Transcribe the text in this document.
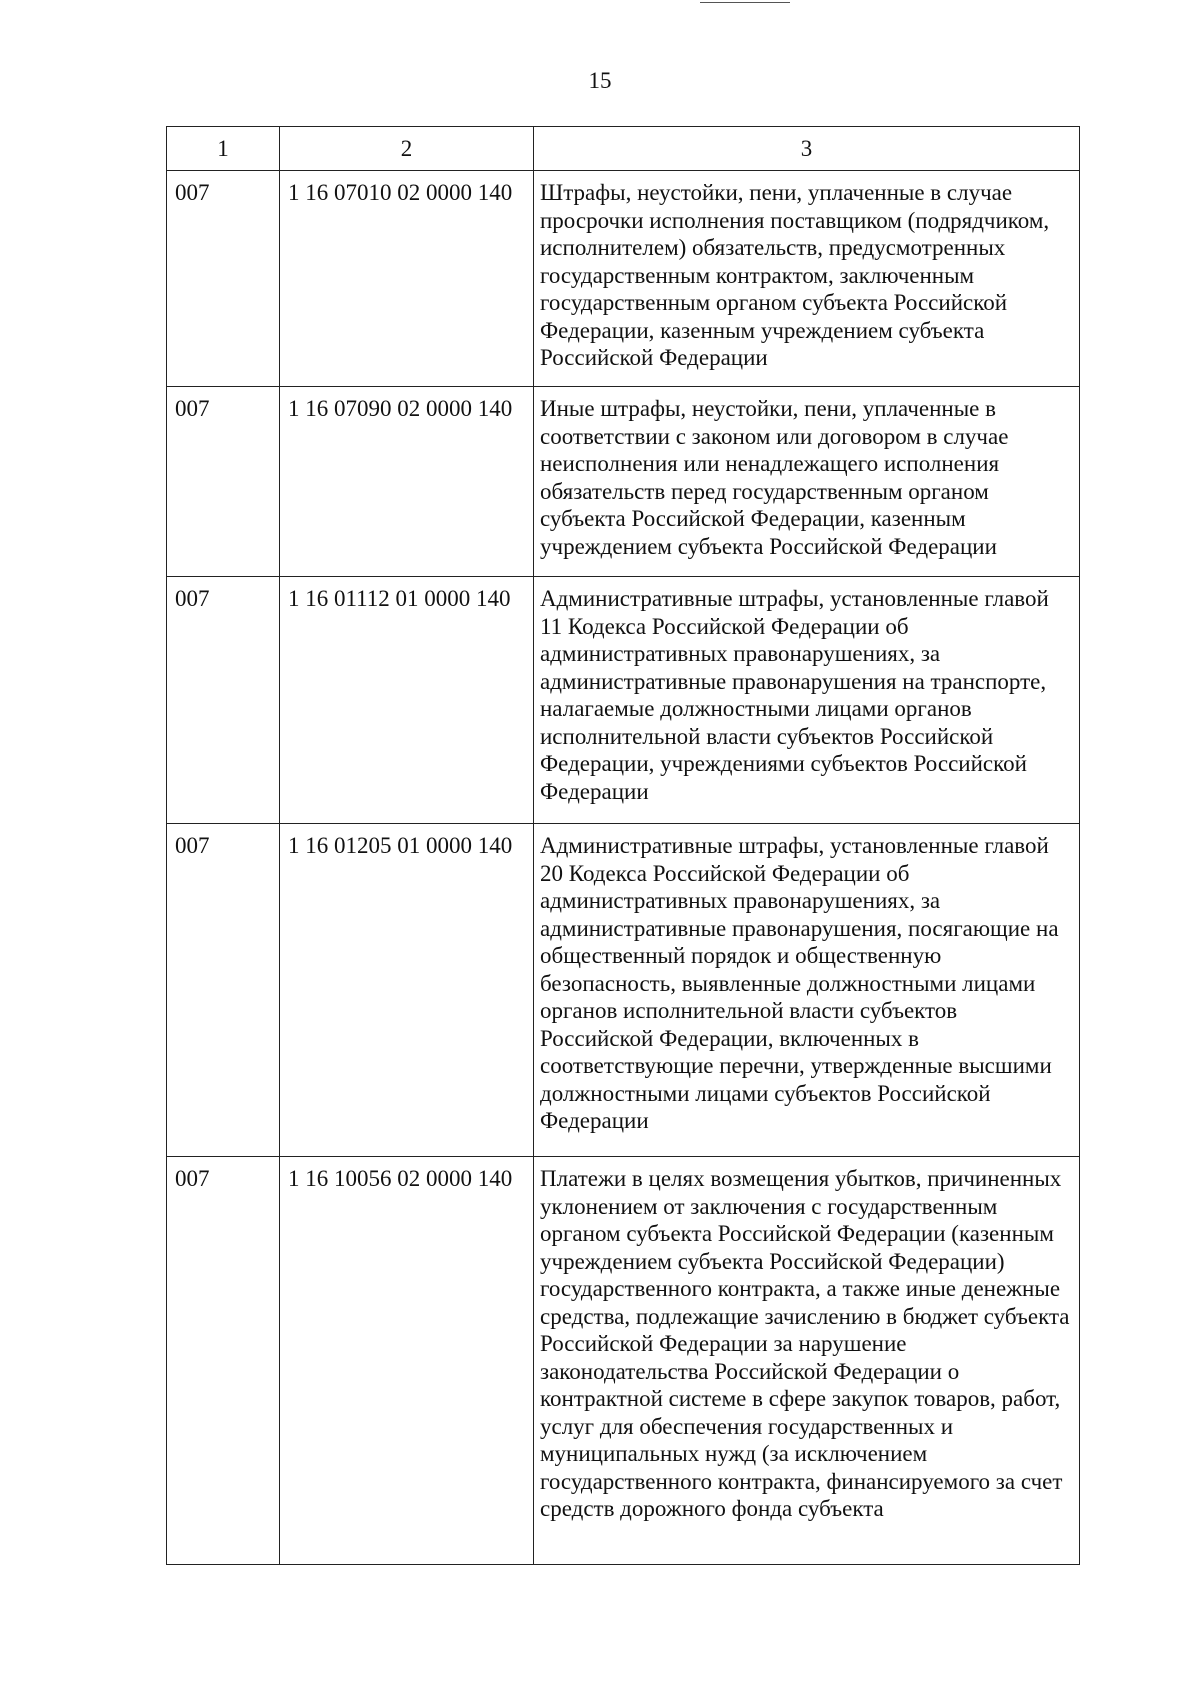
15
1	2	3
007	1 16 07010 02 0000 140	Штрафы, неустойки, пени, уплаченные в случае просрочки исполнения поставщиком (подрядчиком, исполнителем) обязательств, предусмотренных государственным контрактом, заключенным государственным органом субъекта Российской Федерации, казенным учреждением субъекта Российской Федерации
007	1 16 07090 02 0000 140	Иные штрафы, неустойки, пени, уплаченные в соответствии с законом или договором в случае неисполнения или ненадлежащего исполнения обязательств перед государственным органом субъекта Российской Федерации, казенным учреждением субъекта Российской Федерации
007	1 16 01112 01 0000 140	Административные штрафы, установленные главой 11 Кодекса Российской Федерации об административных правонарушениях, за административные правонарушения на транспорте, налагаемые должностными лицами органов исполнительной власти субъектов Российской Федерации, учреждениями субъектов Российской Федерации
007	1 16 01205 01 0000 140	Административные штрафы, установленные главой 20 Кодекса Российской Федерации об административных правонарушениях, за административные правонарушения, посягающие на общественный порядок и общественную безопасность, выявленные должностными лицами органов исполнительной власти субъектов Российской Федерации, включенных в соответствующие перечни, утвержденные высшими должностными лицами субъектов Российской Федерации
007	1 16 10056 02 0000 140	Платежи в целях возмещения убытков, причиненных уклонением от заключения с государственным органом субъекта Российской Федерации (казенным учреждением субъекта Российской Федерации) государственного контракта, а также иные денежные средства, подлежащие зачислению в бюджет субъекта Российской Федерации за нарушение законодательства Российской Федерации о контрактной системе в сфере закупок товаров, работ, услуг для обеспечения государственных и муниципальных нужд (за исключением государственного контракта, финансируемого за счет средств дорожного фонда субъекта
